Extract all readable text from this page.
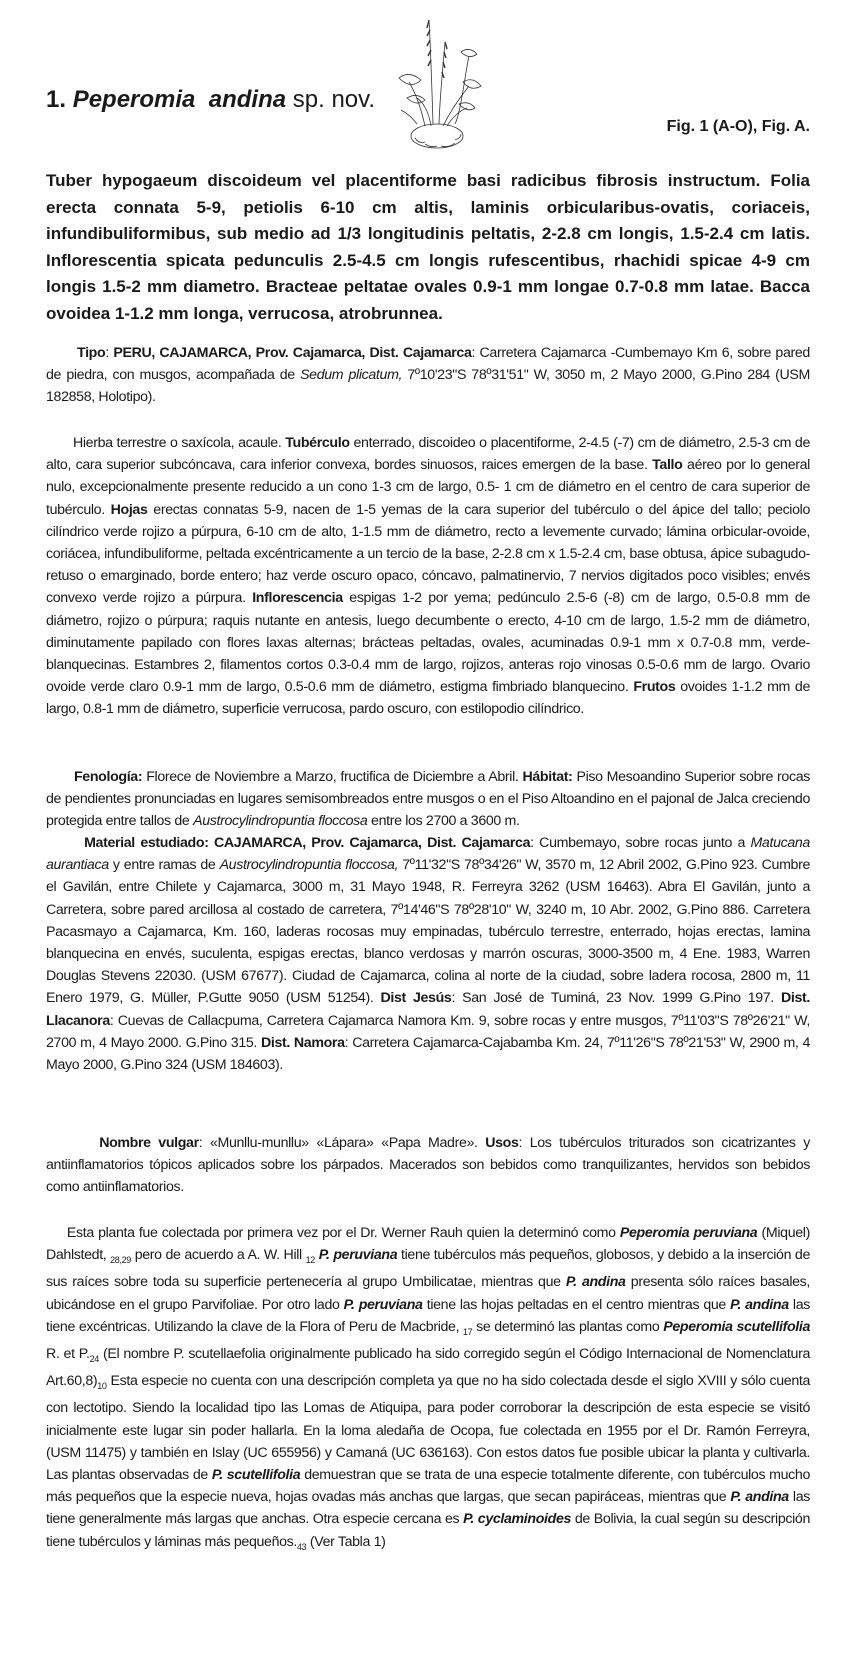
1. Peperomia andina sp. nov.
Fig. 1 (A-O), Fig. A.
Tuber hypogaeum discoideum vel placentiforme basi radicibus fibrosis instructum. Folia erecta connata 5-9, petiolis 6-10 cm altis, laminis orbicularibus-ovatis, coriaceis, infundibuliformibus, sub medio ad 1/3 longitudinis peltatis, 2-2.8 cm longis, 1.5-2.4 cm latis. Inflorescentia spicata pedunculis 2.5-4.5 cm longis rufescentibus, rhachidi spicae 4-9 cm longis 1.5-2 mm diametro. Bracteae peltatae ovales 0.9-1 mm longae 0.7-0.8 mm latae. Bacca ovoidea 1-1.2 mm longa, verrucosa, atrobrunnea.
Tipo: PERU, CAJAMARCA, Prov. Cajamarca, Dist. Cajamarca: Carretera Cajamarca -Cumbemayo Km 6, sobre pared de piedra, con musgos, acompañada de Sedum plicatum, 7º10'23"S 78º31'51" W, 3050 m, 2 Mayo 2000, G.Pino 284 (USM 182858, Holotipo).
Hierba terrestre o saxícola, acaule. Tubérculo enterrado, discoideo o placentiforme, 2-4.5 (-7) cm de diámetro, 2.5-3 cm de alto, cara superior subcóncava, cara inferior convexa, bordes sinuosos, raices emergen de la base. Tallo aéreo por lo general nulo, excepcionalmente presente reducido a un cono 1-3 cm de largo, 0.5- 1 cm de diámetro en el centro de cara superior de tubérculo. Hojas erectas connatas 5-9, nacen de 1-5 yemas de la cara superior del tubérculo o del ápice del tallo; peciolo cilíndrico verde rojizo a púrpura, 6-10 cm de alto, 1-1.5 mm de diámetro, recto a levemente curvado; lámina orbicular-ovoide, coriácea, infundibuliforme, peltada excéntricamente a un tercio de la base, 2-2.8 cm x 1.5-2.4 cm, base obtusa, ápice subagudo-retuso o emarginado, borde entero; haz verde oscuro opaco, cóncavo, palmatinervio, 7 nervios digitados poco visibles; envés convexo verde rojizo a púrpura. Inflorescencia espigas 1-2 por yema; pedúnculo 2.5-6 (-8) cm de largo, 0.5-0.8 mm de diámetro, rojizo o púrpura; raquis nutante en antesis, luego decumbente o erecto, 4-10 cm de largo, 1.5-2 mm de diámetro, diminutamente papilado con flores laxas alternas; brácteas peltadas, ovales, acuminadas 0.9-1 mm x 0.7-0.8 mm, verde-blanquecinas. Estambres 2, filamentos cortos 0.3-0.4 mm de largo, rojizos, anteras rojo vinosas 0.5-0.6 mm de largo. Ovario ovoide verde claro 0.9-1 mm de largo, 0.5-0.6 mm de diámetro, estigma fimbriado blanquecino. Frutos ovoides 1-1.2 mm de largo, 0.8-1 mm de diámetro, superficie verrucosa, pardo oscuro, con estilopodio cilíndrico.
Fenología: Florece de Noviembre a Marzo, fructifica de Diciembre a Abril. Hábitat: Piso Mesoandino Superior sobre rocas de pendientes pronunciadas en lugares semisombreados entre musgos o en el Piso Altoandino en el pajonal de Jalca creciendo protegida entre tallos de Austrocylindropuntia floccosa entre los 2700 a 3600 m.
Material estudiado: CAJAMARCA, Prov. Cajamarca, Dist. Cajamarca: Cumbemayo, sobre rocas junto a Matucana aurantiaca y entre ramas de Austrocylindropuntia floccosa, 7º11'32"S 78º34'26" W, 3570 m, 12 Abril 2002, G.Pino 923. Cumbre el Gavilán, entre Chilete y Cajamarca, 3000 m, 31 Mayo 1948, R. Ferreyra 3262 (USM 16463). Abra El Gavilán, junto a Carretera, sobre pared arcillosa al costado de carretera, 7º14'46"S 78º28'10" W, 3240 m, 10 Abr. 2002, G.Pino 886. Carretera Pacasmayo a Cajamarca, Km. 160, laderas rocosas muy empinadas, tubérculo terrestre, enterrado, hojas erectas, lamina blanquecina en envés, suculenta, espigas erectas, blanco verdosas y marrón oscuras, 3000-3500 m, 4 Ene. 1983, Warren Douglas Stevens 22030. (USM 67677). Ciudad de Cajamarca, colina al norte de la ciudad, sobre ladera rocosa, 2800 m, 11 Enero 1979, G. Müller, P.Gutte 9050 (USM 51254). Dist Jesús: San José de Tuminá, 23 Nov. 1999 G.Pino 197. Dist. Llacanora: Cuevas de Callacpuma, Carretera Cajamarca Namora Km. 9, sobre rocas y entre musgos, 7º11'03"S 78º26'21" W, 2700 m, 4 Mayo 2000. G.Pino 315. Dist. Namora: Carretera Cajamarca-Cajabamba Km. 24, 7º11'26"S 78º21'53" W, 2900 m, 4 Mayo 2000, G.Pino 324 (USM 184603).
Nombre vulgar: «Munllu-munllu» «Lápara» «Papa Madre». Usos: Los tubérculos triturados son cicatrizantes y antiinflamatorios tópicos aplicados sobre los párpados. Macerados son bebidos como tranquilizantes, hervidos son bebidos como antiinflamatorios.
Esta planta fue colectada por primera vez por el Dr. Werner Rauh quien la determinó como Peperomia peruviana (Miquel) Dahlstedt, $_{28,29}$ pero de acuerdo a A. W. Hill $_{12}$ P. peruviana tiene tubérculos más pequeños, globosos, y debido a la inserción de sus raíces sobre toda su superficie pertenecería al grupo Umbilicatae, mientras que P. andina presenta sólo raíces basales, ubicándose en el grupo Parvifoliae. Por otro lado P. peruviana tiene las hojas peltadas en el centro mientras que P. andina las tiene excéntricas. Utilizando la clave de la Flora of Peru de Macbride, $_{17}$ se determinó las plantas como Peperomia scutellifolia R. et $P._{24}$ (El nombre P. scutellaefolia originalmente publicado ha sido corregido según el Código Internacional de Nomenclatura $Art.60,8)_{10}$ Esta especie no cuenta con una descripción completa ya que no ha sido colectada desde el siglo XVIII y sólo cuenta con lectotipo. Siendo la localidad tipo las Lomas de Atiquipa, para poder corroborar la descripción de esta especie se visitó inicialmente este lugar sin poder hallarla. En la loma aledaña de Ocopa, fue colectada en 1955 por el Dr. Ramón Ferreyra, (USM 11475) y también en Islay (UC 655956) y Camaná (UC 636163). Con estos datos fue posible ubicar la planta y cultivarla. Las plantas observadas de P. scutellifolia demuestran que se trata de una especie totalmente diferente, con tubérculos mucho más pequeños que la especie nueva, hojas ovadas más anchas que largas, que secan papiráceas, mientras que P. andina las tiene generalmente más largas que anchas. Otra especie cercana es P. cyclaminoides de Bolivia, la cual según su descripción tiene tubérculos y láminas más $pequeños._{43}$ (Ver Tabla 1)
